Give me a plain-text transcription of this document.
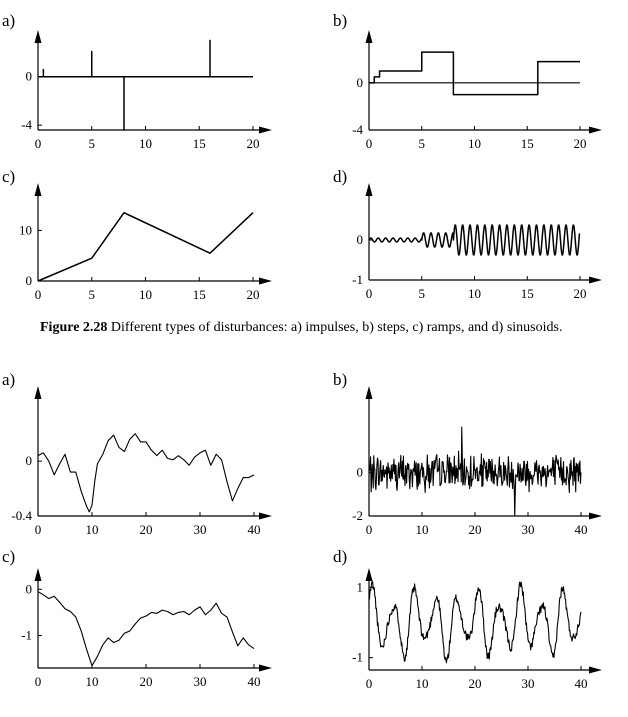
a)
0	5	10	15	20
0
-4
b)
0	5	10	15	20
0
-4
c)
0	5	10	15	20
0
10
d)
0	5	10	15	20
0
-1
a)
0	10	20	30	40
0
-0.4
b)
0	10	20	30	40
0
-2
c)
0	10	20	30	40
0
-1
d)
0	10	20	30	40
1
-1
Figure 2.28 Different types of disturbances: a) impulses, b) steps, c) ramps, and d) sinusoids.
